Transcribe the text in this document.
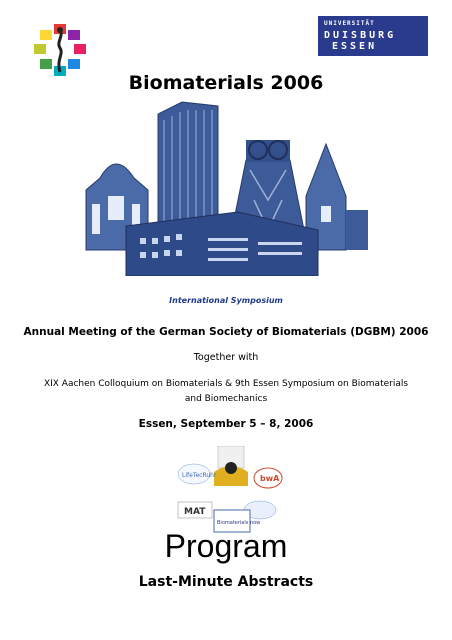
UNIVERSITÄT
DUISBURG
ESSEN
Biomaterials 2006
International Symposium
Annual Meeting of the German Society of Biomaterials (DGBM) 2006
Together with
XIX Aachen Colloquium on Biomaterials & 9th Essen Symposium on Biomaterials and Biomechanics
Essen, September 5 – 8, 2006
LifeTecRuhr	bwA
MAT
Biomaterials now
Program
Last-Minute Abstracts
